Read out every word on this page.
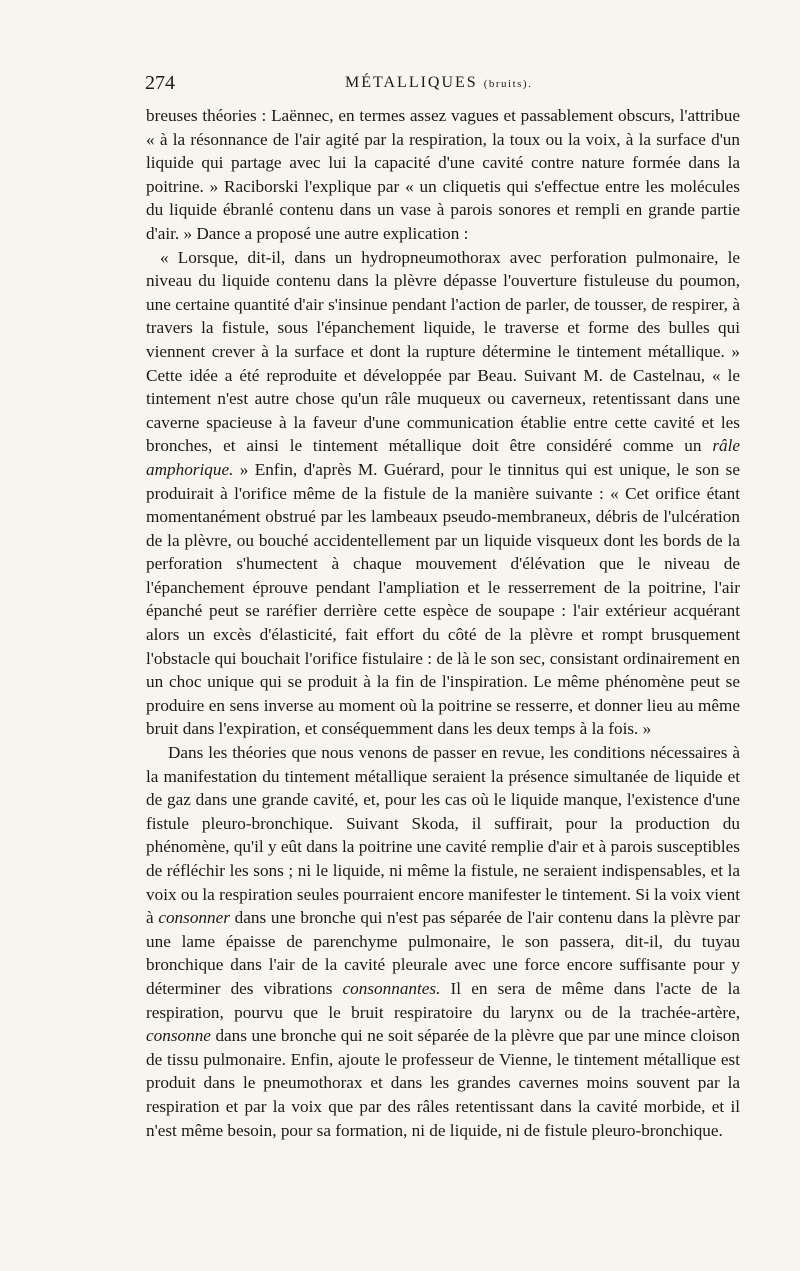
274	MÉTALLIQUES (bruits).

breuses théories : Laënnec, en termes assez vagues et passablement obscurs, l'attribue « à la résonnance de l'air agité par la respiration, la toux ou la voix, à la surface d'un liquide qui partage avec lui la capacité d'une cavité contre nature formée dans la poitrine. » Raciborski l'explique par « un cliquetis qui s'effectue entre les molécules du liquide ébranlé contenu dans un vase à parois sonores et rempli en grande partie d'air. » Dance a proposé une autre explication :

« Lorsque, dit-il, dans un hydropneumothorax avec perforation pulmonaire, le niveau du liquide contenu dans la plèvre dépasse l'ouverture fistuleuse du poumon, une certaine quantité d'air s'insinue pendant l'action de parler, de tousser, de respirer, à travers la fistule, sous l'épanchement liquide, le traverse et forme des bulles qui viennent crever à la surface et dont la rupture détermine le tintement métallique. » Cette idée a été reproduite et développée par Beau. Suivant M. de Castelnau, « le tintement n'est autre chose qu'un râle muqueux ou caverneux, retentissant dans une caverne spacieuse à la faveur d'une communication établie entre cette cavité et les bronches, et ainsi le tintement métallique doit être considéré comme un râle amphorique. » Enfin, d'après M. Guérard, pour le tinnitus qui est unique, le son se produirait à l'orifice même de la fistule de la manière suivante : « Cet orifice étant momentanément obstrué par les lambeaux pseudo-membraneux, débris de l'ulcération de la plèvre, ou bouché accidentellement par un liquide visqueux dont les bords de la perforation s'humectent à chaque mouvement d'élévation que le niveau de l'épanchement éprouve pendant l'ampliation et le resserrement de la poitrine, l'air épanché peut se raréfier derrière cette espèce de soupape : l'air extérieur acquérant alors un excès d'élasticité, fait effort du côté de la plèvre et rompt brusquement l'obstacle qui bouchait l'orifice fistulaire : de là le son sec, consistant ordinairement en un choc unique qui se produit à la fin de l'inspiration. Le même phénomène peut se produire en sens inverse au moment où la poitrine se resserre, et donner lieu au même bruit dans l'expiration, et conséquemment dans les deux temps à la fois. »

Dans les théories que nous venons de passer en revue, les conditions nécessaires à la manifestation du tintement métallique seraient la présence simultanée de liquide et de gaz dans une grande cavité, et, pour les cas où le liquide manque, l'existence d'une fistule pleuro-bronchique. Suivant Skoda, il suffirait, pour la production du phénomène, qu'il y eût dans la poitrine une cavité remplie d'air et à parois susceptibles de réfléchir les sons ; ni le liquide, ni même la fistule, ne seraient indispensables, et la voix ou la respiration seules pourraient encore manifester le tintement. Si la voix vient à consonner dans une bronche qui n'est pas séparée de l'air contenu dans la plèvre par une lame épaisse de parenchyme pulmonaire, le son passera, dit-il, du tuyau bronchique dans l'air de la cavité pleurale avec une force encore suffisante pour y déterminer des vibrations consonnantes. Il en sera de même dans l'acte de la respiration, pourvu que le bruit respiratoire du larynx ou de la trachée-artère, consonne dans une bronche qui ne soit séparée de la plèvre que par une mince cloison de tissu pulmonaire. Enfin, ajoute le professeur de Vienne, le tintement métallique est produit dans le pneumothorax et dans les grandes cavernes moins souvent par la respiration et par la voix que par des râles retentissant dans la cavité morbide, et il n'est même besoin, pour sa formation, ni de liquide, ni de fistule pleuro-bronchique.
